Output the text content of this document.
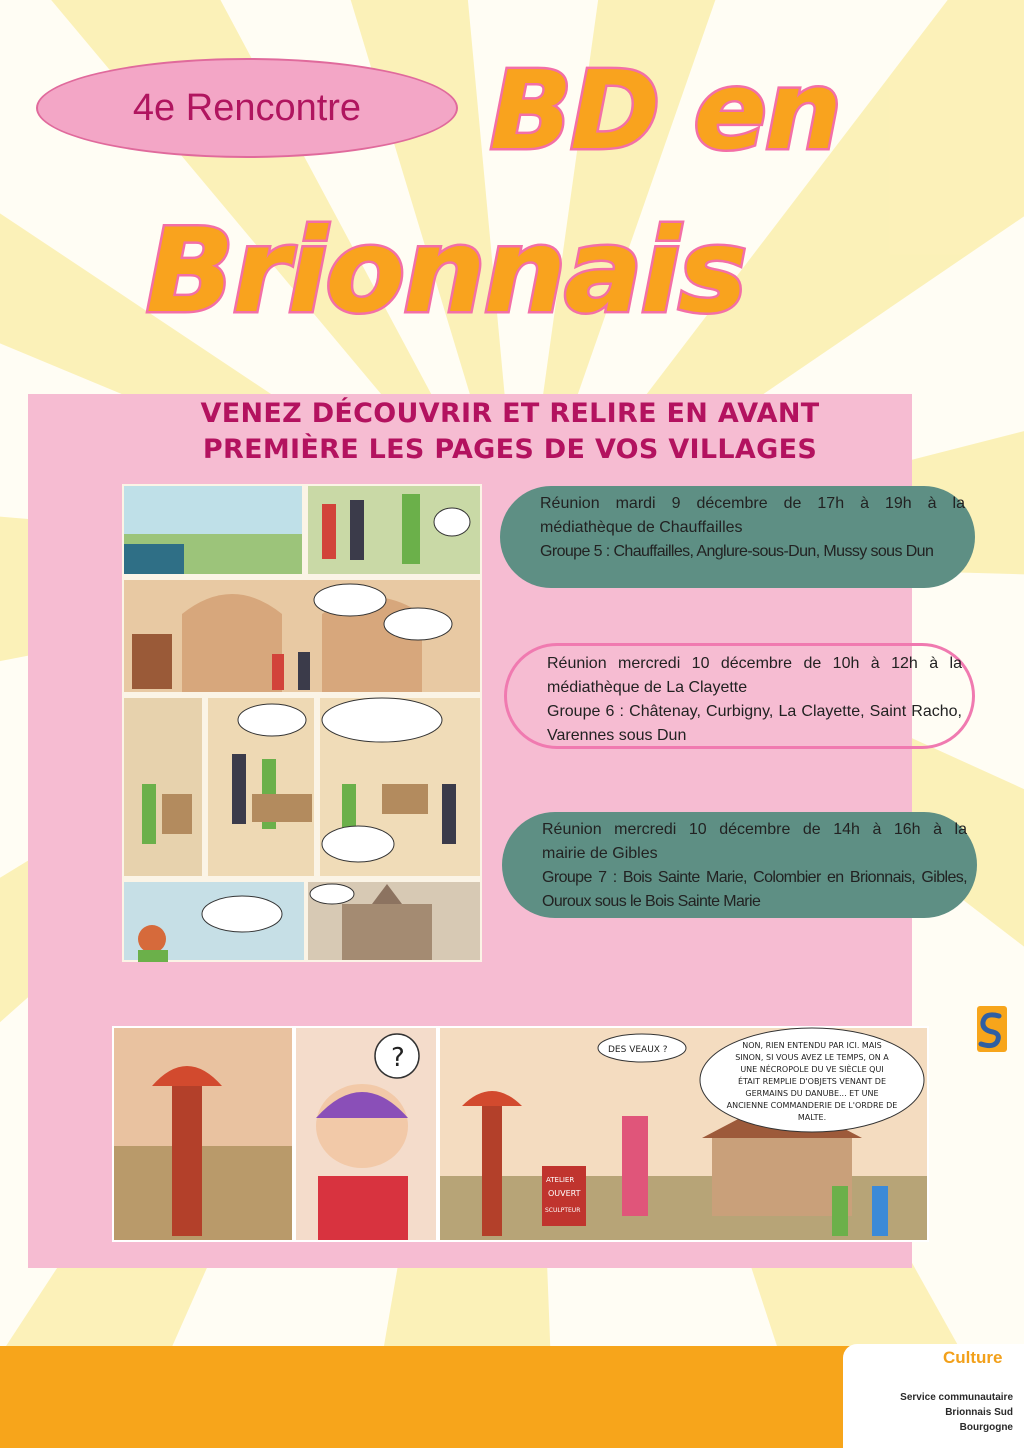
4e Rencontre BD en
Brionnais
VENEZ DÉCOUVRIR ET RELIRE EN AVANT
PREMIÈRE LES PAGES DE VOS VILLAGES
Réunion mardi 9 décembre de 17h à 19h à la
médiathèque de Chauffailles
Groupe 5 : Chauffailles, Anglure-sous-Dun, Mussy sous Dun
Réunion mercredi 10 décembre de 10h à 12h à la
médiathèque de La Clayette
Groupe 6 : Châtenay, Curbigny, La Clayette, Saint Racho,
Varennes sous Dun
Réunion mercredi 10 décembre de 14h à 16h à la
mairie de Gibles
Groupe 7 : Bois Sainte Marie, Colombier en Brionnais, Gibles,
Ouroux sous le Bois Sainte Marie
?
ATELIER
OUVERT
SCULPTEUR
DES VEAUX ?	NON, RIEN ENTENDU PAR ICI. MAIS
SINON, SI VOUS AVEZ LE TEMPS, ON A
UNE NÉCROPOLE DU VE SIÈCLE QUI
ÉTAIT REMPLIE D'OBJETS VENANT DE
GERMAINS DU DANUBE... ET UNE
ANCIENNE COMMANDERIE DE L'ORDRE DE
MALTE.
Culture
Service communautaire
Brionnais Sud Bourgogne
